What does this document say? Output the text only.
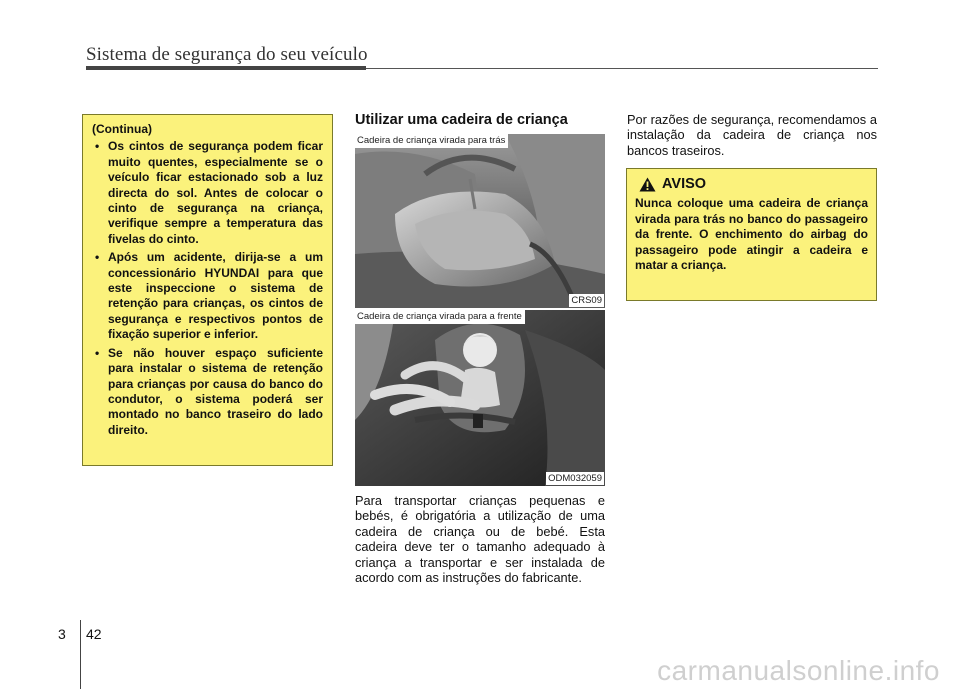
Sistema de segurança do seu veículo
(Continua)
• Os cintos de segurança podem ficar muito quentes, especialmente se o veículo ficar estacionado sob a luz directa do sol. Antes de colocar o cinto de segurança na criança, verifique sempre a temperatura das fivelas do cinto.
• Após um acidente, dirija-se a um concessionário HYUNDAI para que este inspeccione o sistema de retenção para crianças, os cintos de segurança e respectivos pontos de fixação superior e inferior.
• Se não houver espaço suficiente para instalar o sistema de retenção para crianças por causa do banco do condutor, o sistema poderá ser montado no banco traseiro do lado direito.
Utilizar uma cadeira de criança
Cadeira de criança virada para trás
CRS09
Cadeira de criança virada para a frente
ODM032059
Para transportar crianças pequenas e bebés, é obrigatória a utilização de uma cadeira de criança ou de bebé. Esta cadeira deve ter o tamanho adequado à criança a transportar e ser instalada de acordo com as instruções do fabricante.
Por razões de segurança, recomendamos a instalação da cadeira de criança nos bancos traseiros.
AVISO
Nunca coloque uma cadeira de criança virada para trás no banco do passageiro da frente. O enchimento do airbag do passageiro pode atingir a cadeira e matar a criança.
3 42
carmanualsonline.info
